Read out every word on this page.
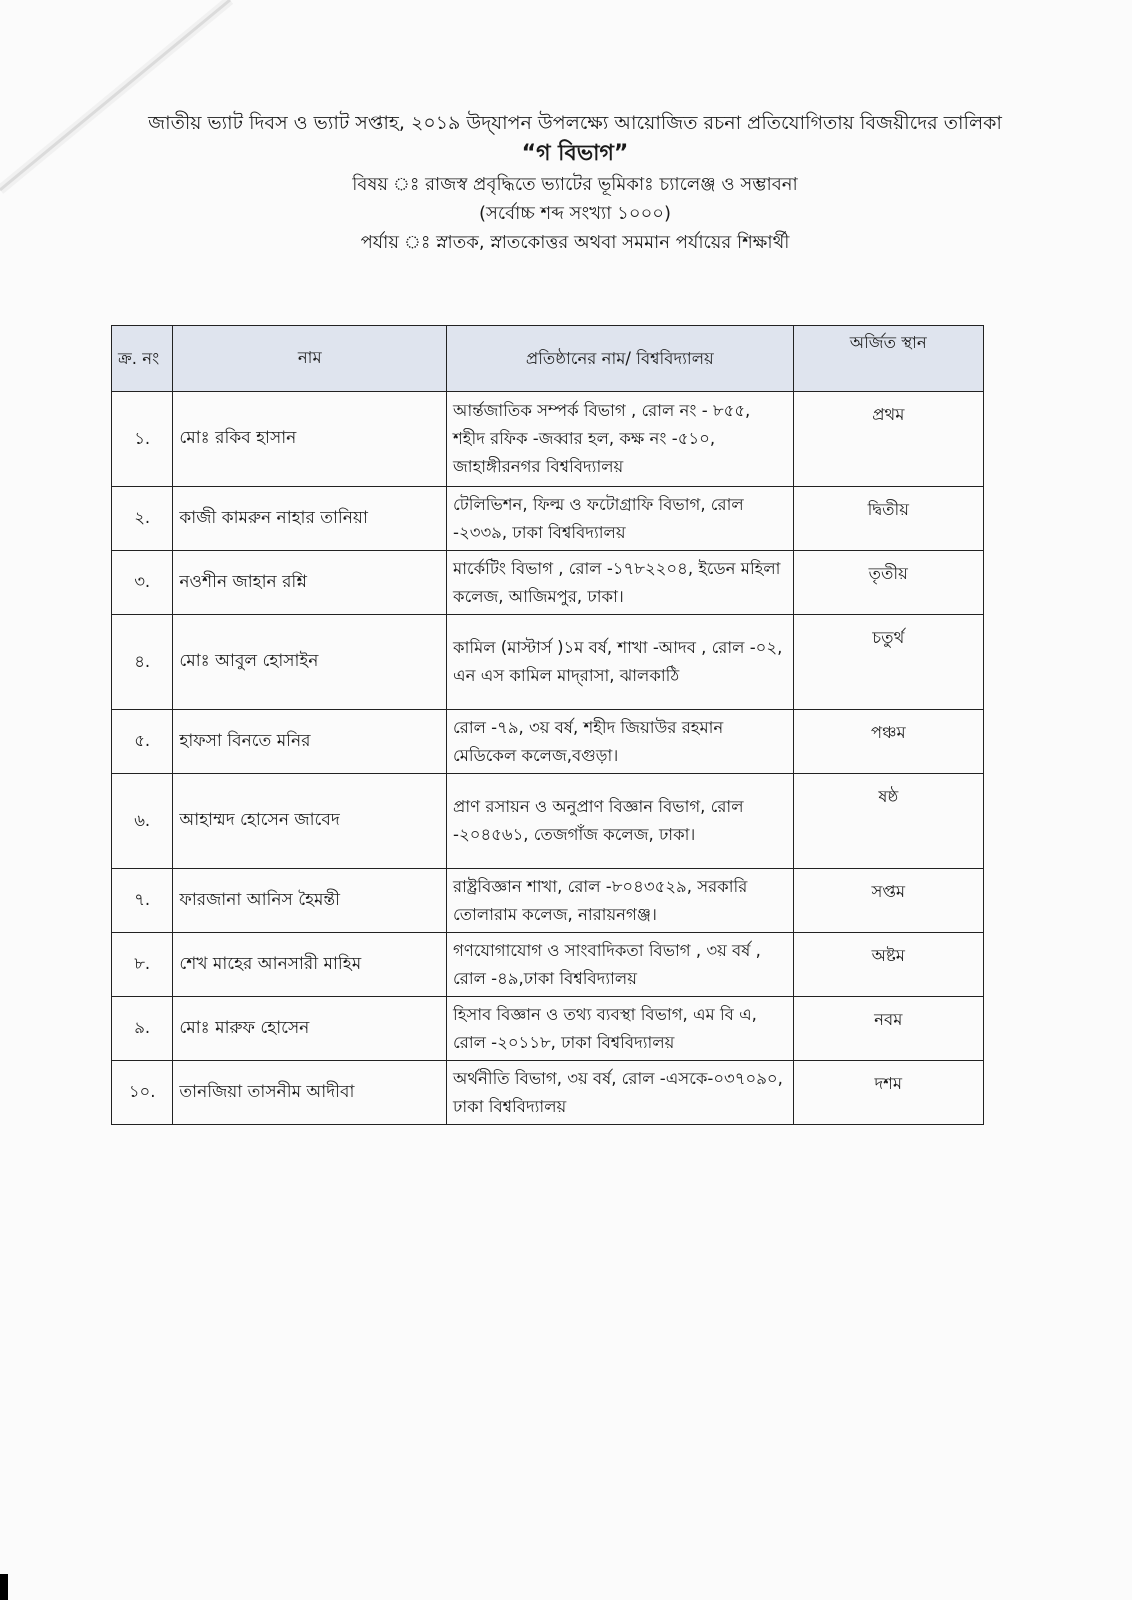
জাতীয় ভ্যাট দিবস ও ভ্যাট সপ্তাহ, ২০১৯ উদ্‌যাপন উপলক্ষ্যে আয়োজিত রচনা প্রতিযোগিতায় বিজয়ীদের তালিকা
“গ বিভাগ”
বিষয় ঃ রাজস্ব প্রবৃদ্ধিতে ভ্যাটের ভূমিকাঃ চ্যালেঞ্জ ও সম্ভাবনা
(সর্বোচ্চ শব্দ সংখ্যা ১০০০)
পর্যায় ঃ স্নাতক, স্নাতকোত্তর অথবা সমমান পর্যায়ের শিক্ষার্থী
ক্র. নং	নাম	প্রতিষ্ঠানের নাম/ বিশ্ববিদ্যালয়	অর্জিত স্থান
১.	মোঃ রকিব হাসান	আর্ন্তজাতিক সম্পর্ক বিভাগ , রোল নং - ৮৫৫, শহীদ রফিক -জব্বার হল, কক্ষ নং -৫১০, জাহাঙ্গীরনগর বিশ্ববিদ্যালয়	প্রথম
২.	কাজী কামরুন নাহার তানিয়া	টেলিভিশন, ফিল্ম ও ফটোগ্রাফি বিভাগ, রোল -২৩৩৯, ঢাকা বিশ্ববিদ্যালয়	দ্বিতীয়
৩.	নওশীন জাহান রশ্নি	মার্কেটিং বিভাগ , রোল -১৭৮২২০৪, ইডেন মহিলা কলেজ, আজিমপুর, ঢাকা।	তৃতীয়
৪.	মোঃ আবুল হোসাইন	কামিল (মাস্টার্স )১ম বর্ষ, শাখা -আদব , রোল -০২, এন এস কামিল মাদ্‌রাসা, ঝালকাঠি	চতুর্থ
৫.	হাফসা বিনতে মনির	রোল -৭৯, ৩য় বর্ষ, শহীদ জিয়াউর রহমান মেডিকেল কলেজ,বগুড়া।	পঞ্চম
৬.	আহাম্মদ হোসেন জাবেদ	প্রাণ রসায়ন ও অনুপ্রাণ বিজ্ঞান বিভাগ, রোল -২০৪৫৬১, তেজগাঁজ কলেজ, ঢাকা।	ষষ্ঠ
৭.	ফারজানা আনিস হৈমন্তী	রাষ্ট্রবিজ্ঞান শাখা, রোল -৮০৪৩৫২৯, সরকারি তোলারাম কলেজ, নারায়নগঞ্জ।	সপ্তম
৮.	শেখ মাহের আনসারী মাহিম	গণযোগাযোগ ও সাংবাদিকতা বিভাগ , ৩য় বর্ষ , রোল -৪৯,ঢাকা বিশ্ববিদ্যালয়	অষ্টম
৯.	মোঃ মারুফ হোসেন	হিসাব বিজ্ঞান ও তথ্য ব্যবস্থা বিভাগ, এম বি এ, রোল -২০১১৮, ঢাকা বিশ্ববিদ্যালয়	নবম
১০.	তানজিয়া তাসনীম আদীবা	অর্থনীতি বিভাগ, ৩য় বর্ষ, রোল -এসকে-০৩৭০৯০, ঢাকা বিশ্ববিদ্যালয়	দশম
